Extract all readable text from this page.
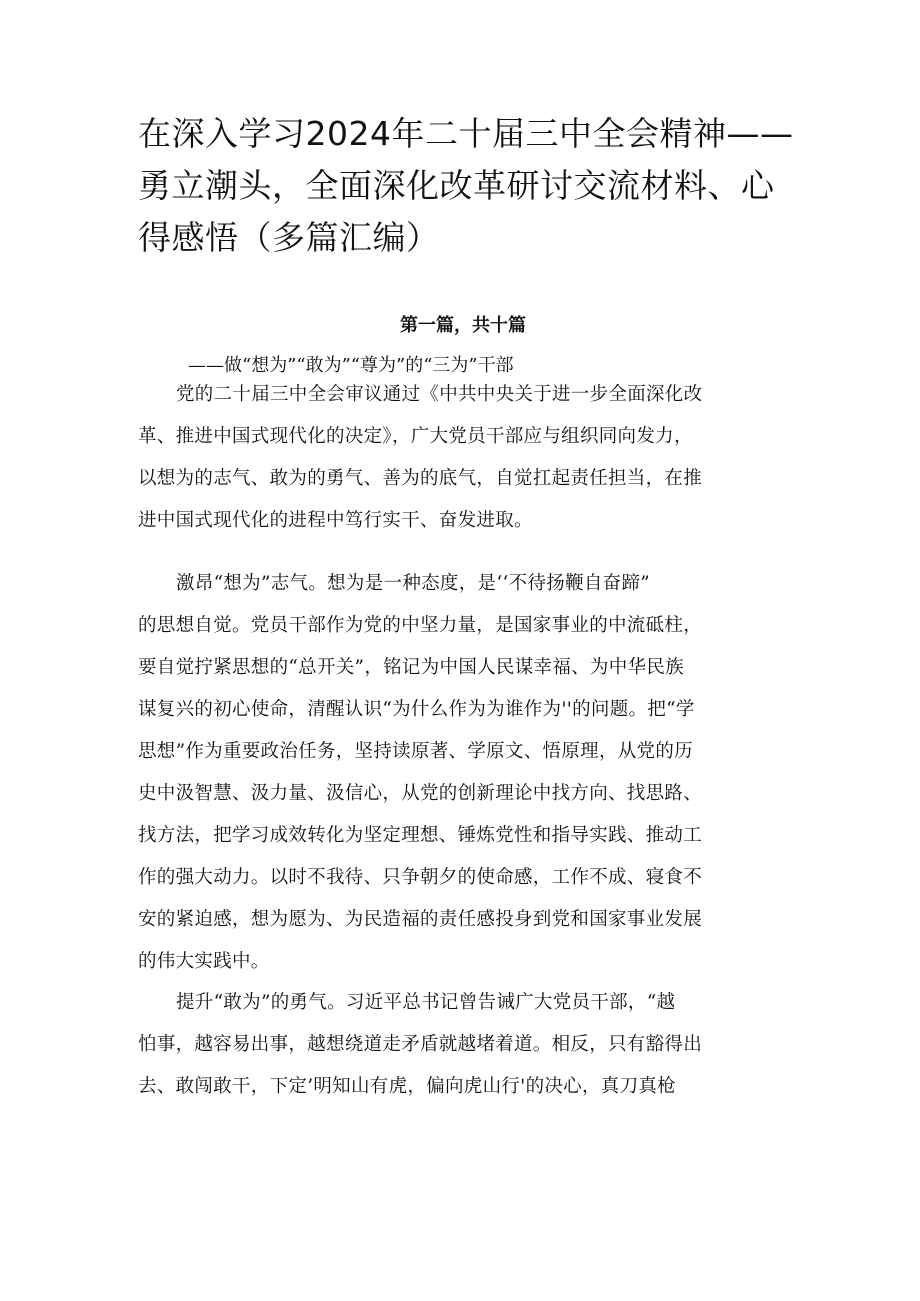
在深入学习2024年二十届三中全会精神——
勇立潮头，全面深化改革研讨交流材料、心
得感悟（多篇汇编）
第一篇，共十篇
——做“想为”“敢为”“尊为”的“三为”干部
党的二十届三中全会审议通过《中共中央关于进一步全面深化改
革、推进中国式现代化的决定》，广大党员干部应与组织同向发力，
以想为的志气、敢为的勇气、善为的底气，自觉扛起责任担当，在推
进中国式现代化的进程中笃行实干、奋发进取。
激昂“想为”志气。想为是一种态度，是‘‘不待扬鞭自奋蹄”
的思想自觉。党员干部作为党的中坚力量，是国家事业的中流砥柱，
要自觉拧紧思想的“总开关”，铭记为中国人民谋幸福、为中华民族
谋复兴的初心使命，清醒认识“为什么作为为谁作为''的问题。把“学
思想”作为重要政治任务，坚持读原著、学原文、悟原理，从党的历
史中汲智慧、汲力量、汲信心，从党的创新理论中找方向、找思路、
找方法，把学习成效转化为坚定理想、锤炼党性和指导实践、推动工
作的强大动力。以时不我待、只争朝夕的使命感，工作不成、寝食不
安的紧迫感，想为愿为、为民造福的责任感投身到党和国家事业发展
的伟大实践中。
提升“敢为”的勇气。习近平总书记曾告诫广大党员干部，“越
怕事，越容易出事，越想绕道走矛盾就越堵着道。相反，只有豁得出
去、敢闯敢干，下定’明知山有虎，偏向虎山行'的决心，真刀真枪
